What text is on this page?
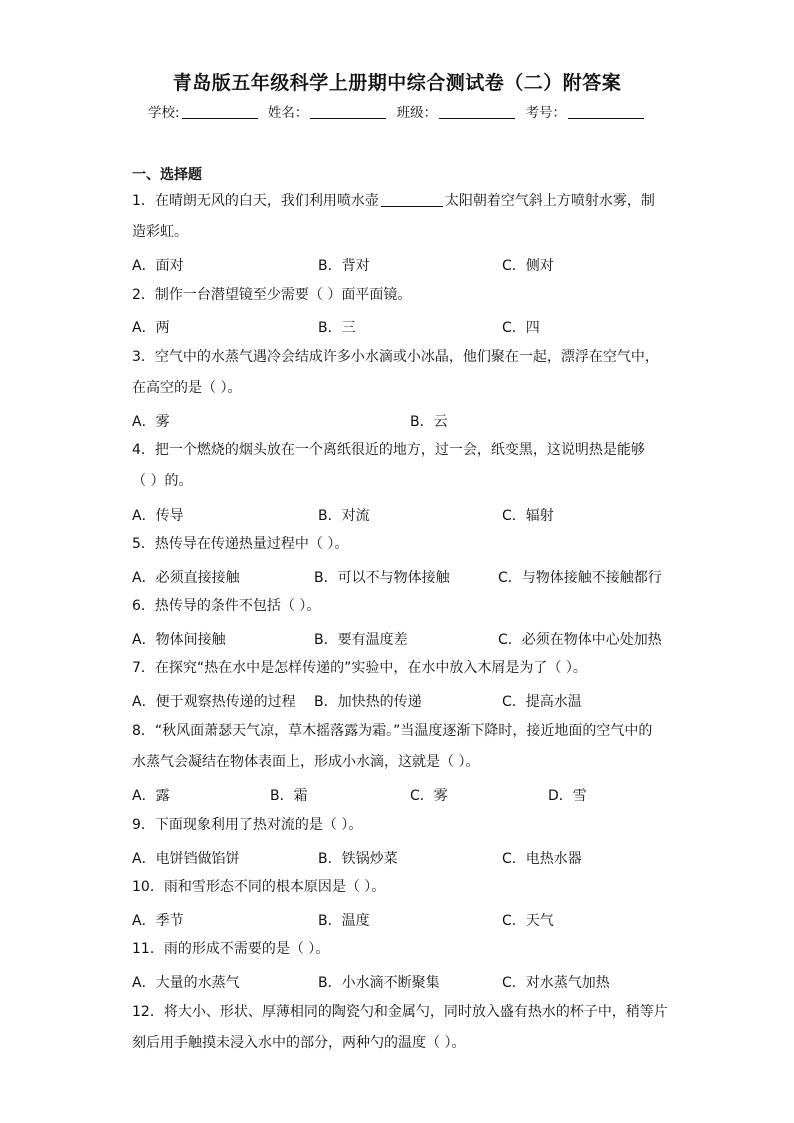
青岛版五年级科学上册期中综合测试卷（二）附答案
学校:	姓名：	班级：	考号：
一、选择题
1．在晴朗无风的白天，我们利用喷水壶	太阳朝着空气斜上方喷射水雾，制
造彩虹。
A．面对	B．背对	C．侧对
2．制作一台潜望镜至少需要（ ）面平面镜。
A．两	B．三	C．四
3．空气中的水蒸气遇冷会结成许多小水滴或小冰晶，他们聚在一起，漂浮在空气中，
在高空的是（ ）。
A．雾	B．云
4．把一个燃烧的烟头放在一个离纸很近的地方，过一会，纸变黑，这说明热是能够
（ ）的。
A．传导	B．对流	C．辐射
5．热传导在传递热量过程中（ ）。
A．必须直接接触	B．可以不与物体接触	C．与物体接触不接触都行
6．热传导的条件不包括（ ）。
A．物体间接触	B．要有温度差	C．必须在物体中心处加热
7．在探究“热在水中是怎样传递的”实验中，在水中放入木屑是为了（ ）。
A．便于观察热传递的过程 B．加快热的传递	C．提高水温
8．“秋风面萧瑟天气凉，草木摇落露为霜。”当温度逐渐下降时，接近地面的空气中的
水蒸气会凝结在物体表面上，形成小水滴，这就是（ ）。
A．露	B．霜	C．雾	D．雪
9．下面现象利用了热对流的是（ ）。
A．电饼铛做馅饼	B．铁锅炒菜	C．电热水器
10．雨和雪形态不同的根本原因是（ ）。
A．季节	B．温度	C．天气
11．雨的形成不需要的是（ ）。
A．大量的水蒸气	B．小水滴不断聚集	C．对水蒸气加热
12．将大小、形状、厚薄相同的陶瓷勺和金属勺，同时放入盛有热水的杯子中，稍等片
刻后用手触摸未浸入水中的部分，两种勺的温度（ ）。
